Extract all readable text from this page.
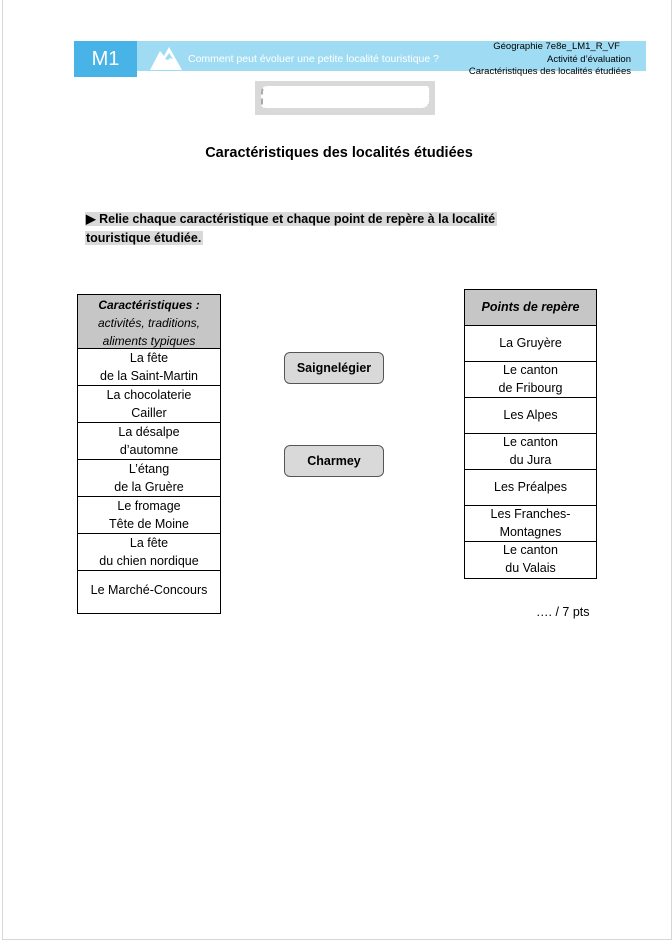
M1	Comment peut évoluer une petite localité touristique ?
Géographie 7e8e_LM1_R_VF
Activité d’évaluation
Caractéristiques des localités étudiées
Caractéristiques des localités étudiées
▶ Relie chaque caractéristique et chaque point de repère à la localité
touristique étudiée.
Caractéristiques :
activités, traditions,
aliments typiques
La fête
de la Saint-Martin
La chocolaterie
Cailler
La désalpe
d’automne
L’étang
de la Gruère
Le fromage
Tête de Moine
La fête
du chien nordique
Le Marché-Concours
Saignelégier
Charmey
Points de repère
La Gruyère
Le canton
de Fribourg
Les Alpes
Le canton
du Jura
Les Préalpes
Les Franches-
Montagnes
Le canton
du Valais
…. / 7 pts
